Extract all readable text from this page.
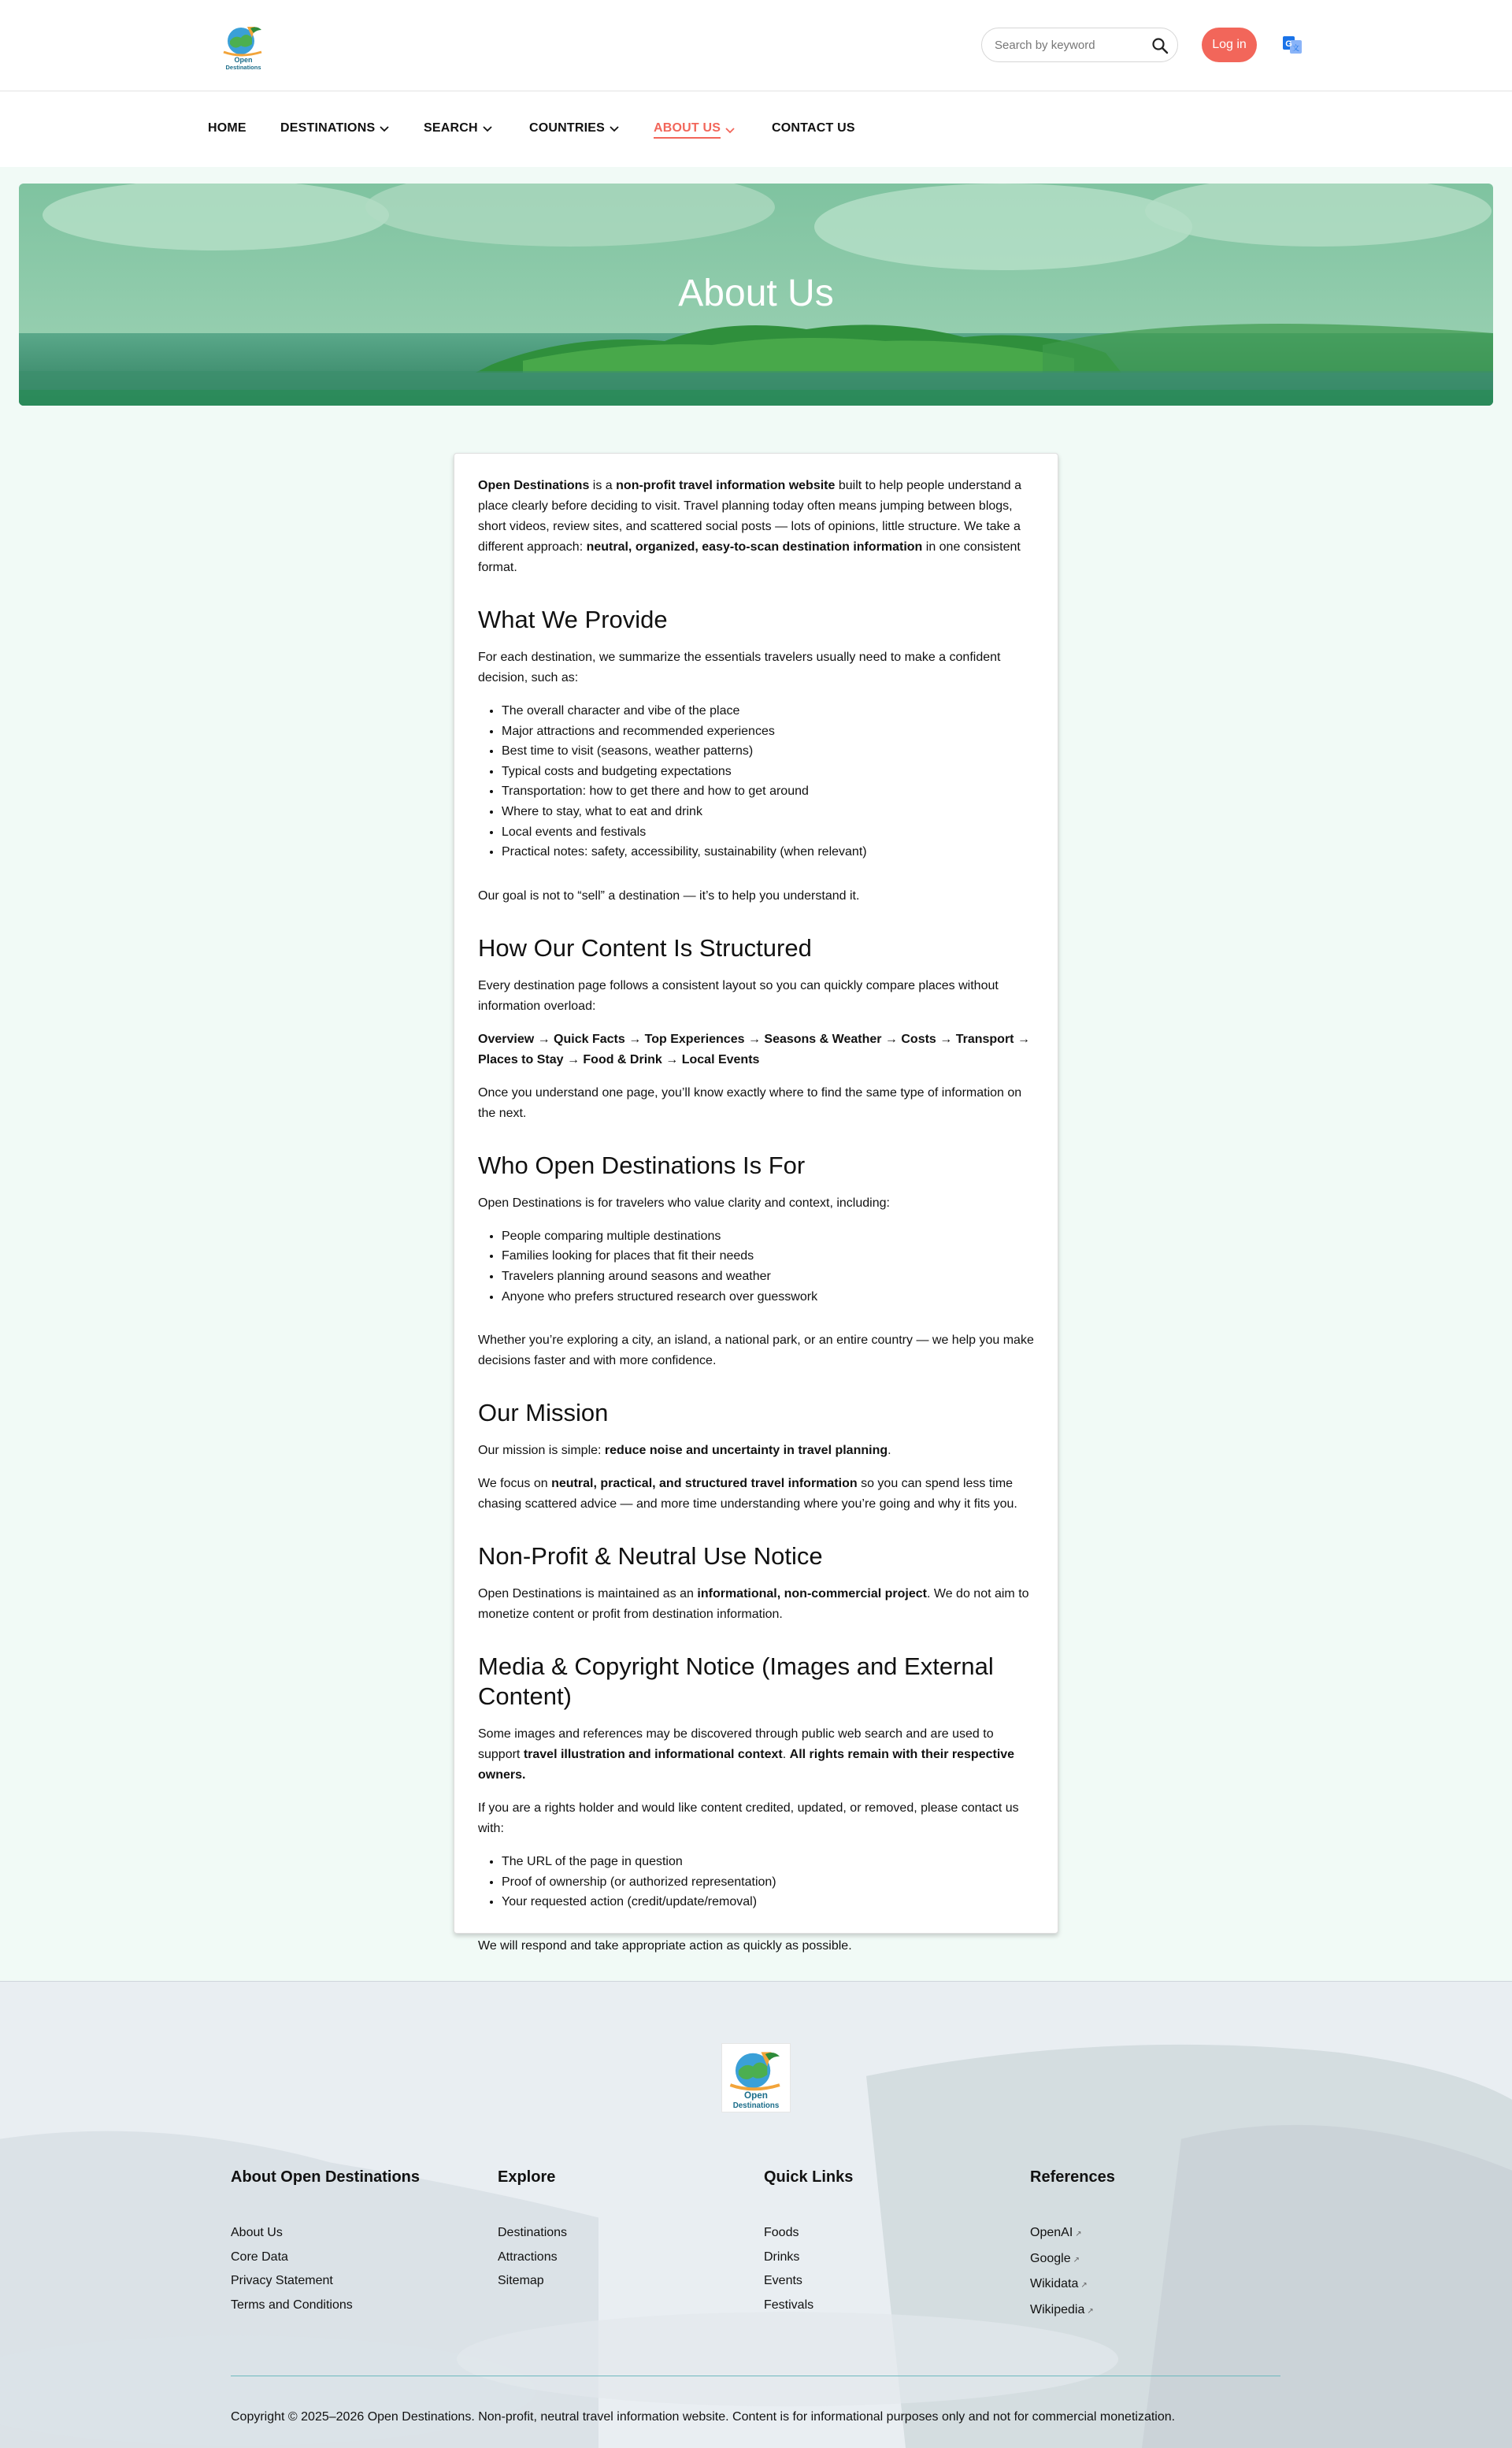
Open
Destinations
Search by keyword
Log in	G 文
HOME	DESTINATIONS	SEARCH	COUNTRIES	ABOUT US	CONTACT US
About Us

Open Destinations is a non-profit travel information website built to help people understand a place clearly before deciding to visit. Travel planning today often means jumping between blogs, short videos, review sites, and scattered social posts — lots of opinions, little structure. We take a different approach: neutral, organized, easy-to-scan destination information in one consistent format.

What We Provide

For each destination, we summarize the essentials travelers usually need to make a confident decision, such as:

• The overall character and vibe of the place
• Major attractions and recommended experiences
• Best time to visit (seasons, weather patterns)
• Typical costs and budgeting expectations
• Transportation: how to get there and how to get around
• Where to stay, what to eat and drink
• Local events and festivals
• Practical notes: safety, accessibility, sustainability (when relevant)

Our goal is not to “sell” a destination — it’s to help you understand it.

How Our Content Is Structured

Every destination page follows a consistent layout so you can quickly compare places without information overload:

Overview → Quick Facts → Top Experiences → Seasons & Weather → Costs → Transport → Places to Stay → Food & Drink → Local Events

Once you understand one page, you’ll know exactly where to find the same type of information on the next.

Who Open Destinations Is For

Open Destinations is for travelers who value clarity and context, including:

• People comparing multiple destinations
• Families looking for places that fit their needs
• Travelers planning around seasons and weather
• Anyone who prefers structured research over guesswork

Whether you’re exploring a city, an island, a national park, or an entire country — we help you make decisions faster and with more confidence.

Our Mission

Our mission is simple: reduce noise and uncertainty in travel planning.

We focus on neutral, practical, and structured travel information so you can spend less time chasing scattered advice — and more time understanding where you’re going and why it fits you.

Non-Profit & Neutral Use Notice

Open Destinations is maintained as an informational, non-commercial project. We do not aim to monetize content or profit from destination information.

Media & Copyright Notice (Images and External Content)

Some images and references may be discovered through public web search and are used to support travel illustration and informational context. All rights remain with their respective owners.

If you are a rights holder and would like content credited, updated, or removed, please contact us with:

• The URL of the page in question
• Proof of ownership (or authorized representation)
• Your requested action (credit/update/removal)

We will respond and take appropriate action as quickly as possible.

Open
Destinations
About Open Destinations
About Us
Core Data
Privacy Statement
Terms and Conditions
Explore
Destinations
Attractions
Sitemap
Quick Links
Foods
Drinks
Events
Festivals
References
OpenAI ↗
Google ↗
Wikidata ↗
Wikipedia ↗
Copyright © 2025–2026 Open Destinations. Non-profit, neutral travel information website. Content is for informational purposes only and not for commercial monetization.
